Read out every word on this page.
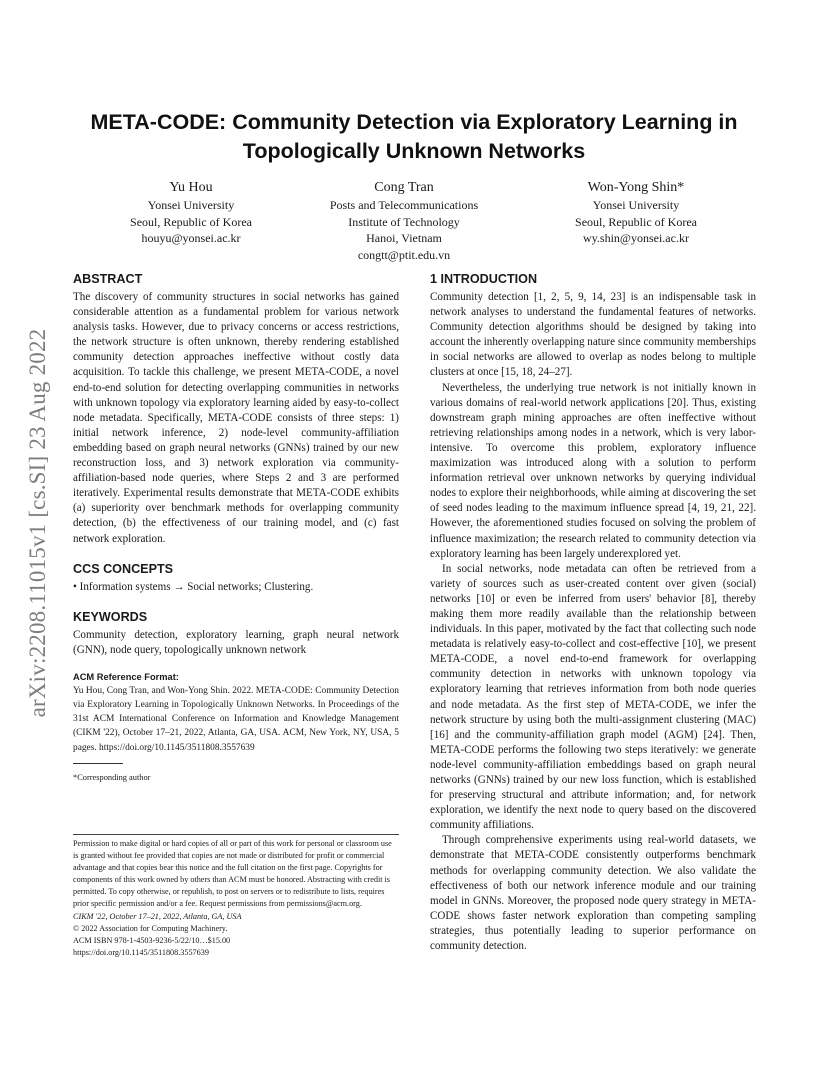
META-CODE: Community Detection via Exploratory Learning in Topologically Unknown Networks
Yu Hou
Yonsei University
Seoul, Republic of Korea
houyu@yonsei.ac.kr
Cong Tran
Posts and Telecommunications
Institute of Technology
Hanoi, Vietnam
congtt@ptit.edu.vn
Won-Yong Shin*
Yonsei University
Seoul, Republic of Korea
wy.shin@yonsei.ac.kr
arXiv:2208.11015v1 [cs.SI] 23 Aug 2022
ABSTRACT

The discovery of community structures in social networks has gained considerable attention as a fundamental problem for various network analysis tasks. However, due to privacy concerns or access restrictions, the network structure is often unknown, thereby rendering established community detection approaches ineffective without costly data acquisition. To tackle this challenge, we present META-CODE, a novel end-to-end solution for detecting overlapping communities in networks with unknown topology via exploratory learning aided by easy-to-collect node metadata. Specifically, META-CODE consists of three steps: 1) initial network inference, 2) node-level community-affiliation embedding based on graph neural networks (GNNs) trained by our new reconstruction loss, and 3) network exploration via community-affiliation-based node queries, where Steps 2 and 3 are performed iteratively. Experimental results demonstrate that META-CODE exhibits (a) superiority over benchmark methods for overlapping community detection, (b) the effectiveness of our training model, and (c) fast network exploration.

CCS CONCEPTS

• Information systems → Social networks; Clustering.

KEYWORDS

Community detection, exploratory learning, graph neural network (GNN), node query, topologically unknown network

ACM Reference Format:

Yu Hou, Cong Tran, and Won-Yong Shin. 2022. META-CODE: Community Detection via Exploratory Learning in Topologically Unknown Networks. In Proceedings of the 31st ACM International Conference on Information and Knowledge Management (CIKM '22), October 17–21, 2022, Atlanta, GA, USA. ACM, New York, NY, USA, 5 pages. https://doi.org/10.1145/3511808.3557639

*Corresponding author
Permission to make digital or hard copies of all or part of this work for personal or classroom use is granted without fee provided that copies are not made or distributed for profit or commercial advantage and that copies bear this notice and the full citation on the first page. Copyrights for components of this work owned by others than ACM must be honored. Abstracting with credit is permitted. To copy otherwise, or republish, to post on servers or to redistribute to lists, requires prior specific permission and/or a fee. Request permissions from permissions@acm.org.
CIKM '22, October 17–21, 2022, Atlanta, GA, USA
© 2022 Association for Computing Machinery.
ACM ISBN 978-1-4503-9236-5/22/10…$15.00
https://doi.org/10.1145/3511808.3557639
1 INTRODUCTION

Community detection [1, 2, 5, 9, 14, 23] is an indispensable task in network analyses to understand the fundamental features of networks. Community detection algorithms should be designed by taking into account the inherently overlapping nature since community memberships in social networks are allowed to overlap as nodes belong to multiple clusters at once [15, 18, 24–27].

Nevertheless, the underlying true network is not initially known in various domains of real-world network applications [20]. Thus, existing downstream graph mining approaches are often ineffective without retrieving relationships among nodes in a network, which is very labor-intensive. To overcome this problem, exploratory influence maximization was introduced along with a solution to perform information retrieval over unknown networks by querying individual nodes to explore their neighborhoods, while aiming at discovering the set of seed nodes leading to the maximum influence spread [4, 19, 21, 22]. However, the aforementioned studies focused on solving the problem of influence maximization; the research related to community detection via exploratory learning has been largely underexplored yet.

In social networks, node metadata can often be retrieved from a variety of sources such as user-created content over given (social) networks [10] or even be inferred from users' behavior [8], thereby making them more readily available than the relationship between individuals. In this paper, motivated by the fact that collecting such node metadata is relatively easy-to-collect and cost-effective [10], we present META-CODE, a novel end-to-end framework for overlapping community detection in networks with unknown topology via exploratory learning that retrieves information from both node queries and node metadata. As the first step of META-CODE, we infer the network structure by using both the multi-assignment clustering (MAC) [16] and the community-affiliation graph model (AGM) [24]. Then, META-CODE performs the following two steps iteratively: we generate node-level community-affiliation embeddings based on graph neural networks (GNNs) trained by our new loss function, which is established for preserving structural and attribute information; and, for network exploration, we identify the next node to query based on the discovered community affiliations.

Through comprehensive experiments using real-world datasets, we demonstrate that META-CODE consistently outperforms benchmark methods for overlapping community detection. We also validate the effectiveness of both our network inference module and our training model in GNNs. Moreover, the proposed node query strategy in META-CODE shows faster network exploration than competing sampling strategies, thus potentially leading to superior performance on community detection.
